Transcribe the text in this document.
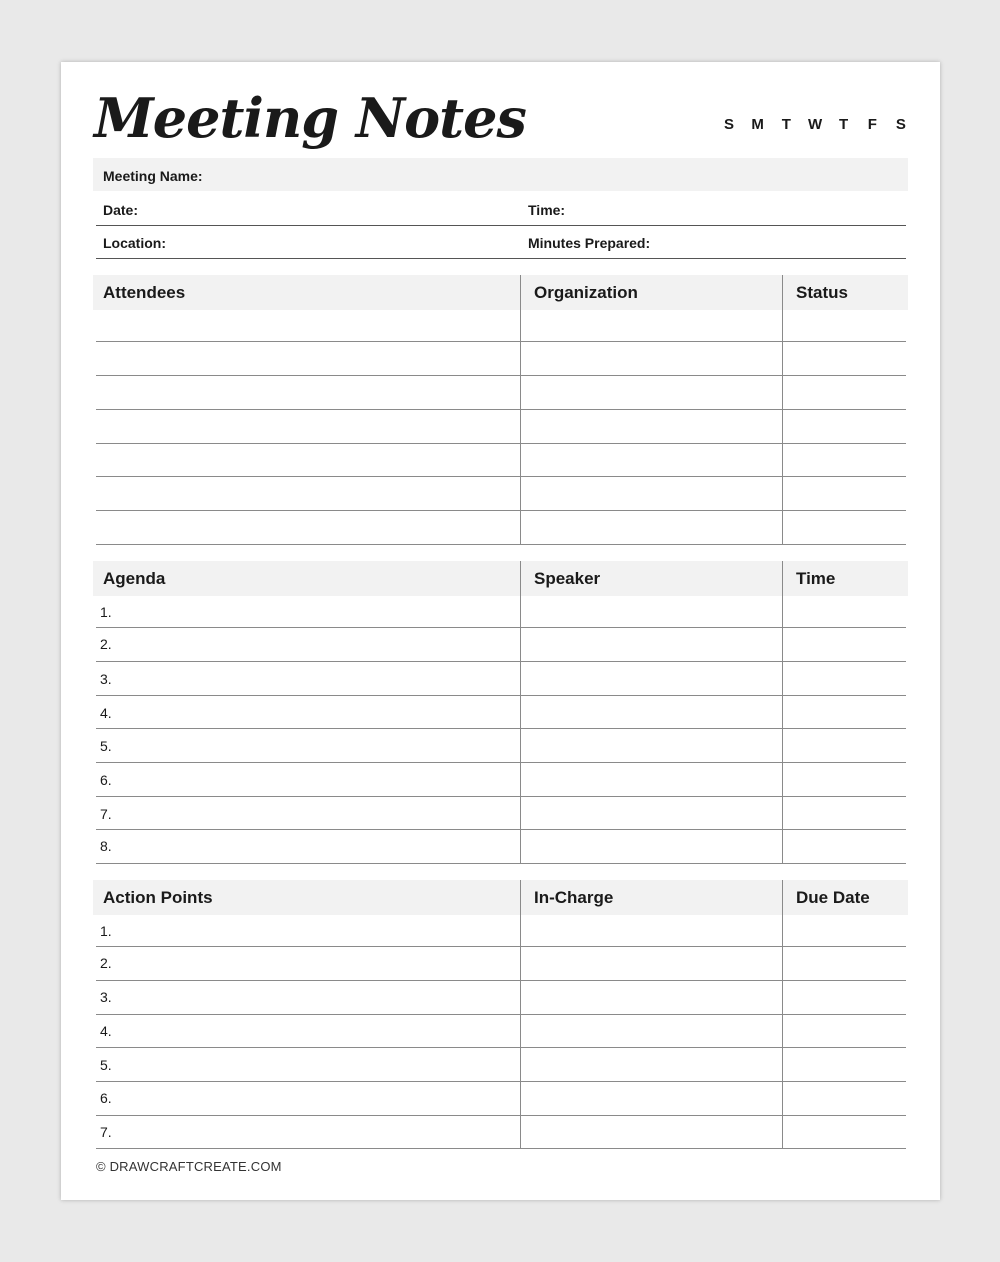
Meeting Notes	S M T W T F S
Meeting Name:
Date:	Time:
Location:	Minutes Prepared:
Attendees	Organization	Status
Agenda	Speaker	Time
1.
2.
3.
4.
5.
6.
7.
8.
Action Points	In-Charge	Due Date
1.
2.
3.
4.
5.
6.
7.
© DRAWCRAFTCREATE.COM
